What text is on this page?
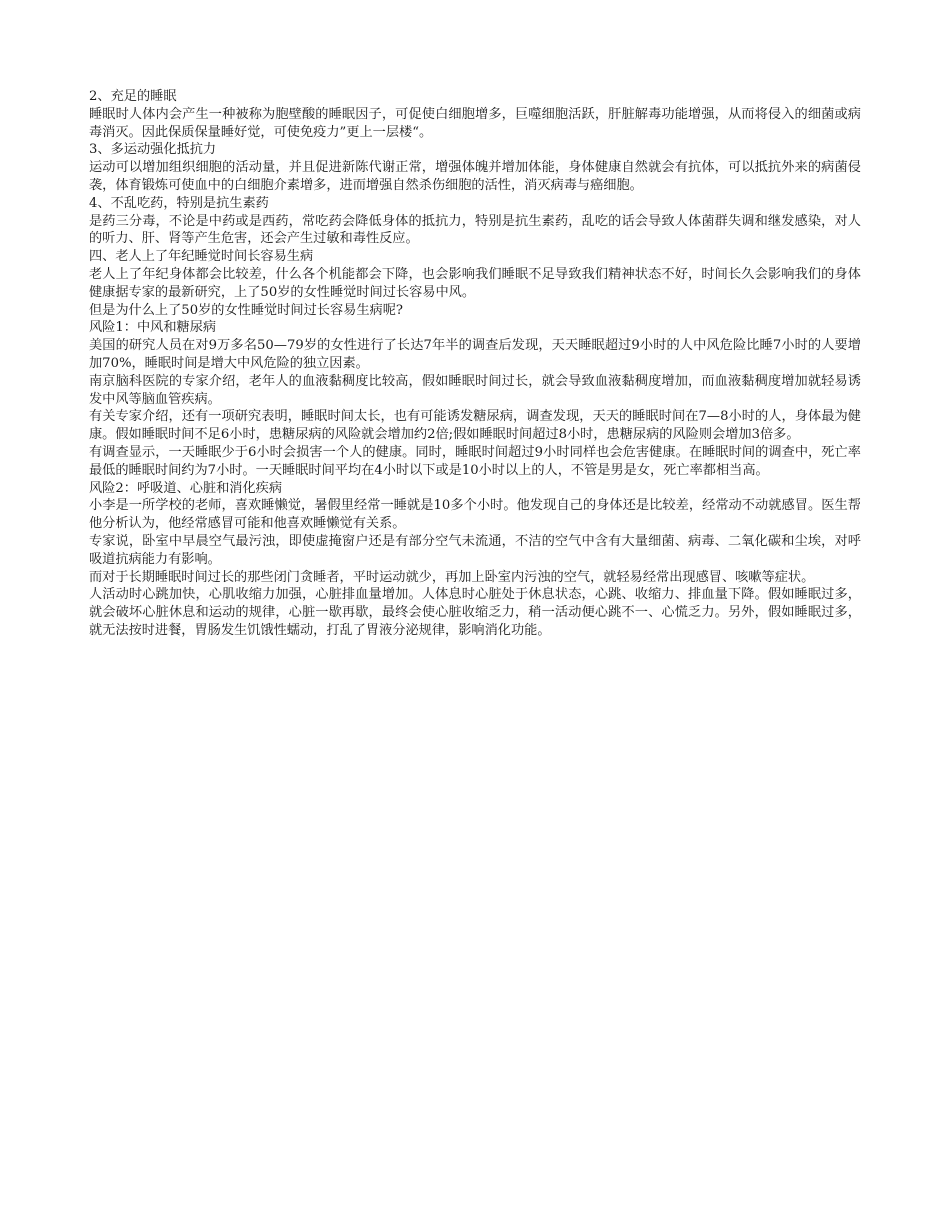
2、充足的睡眠

睡眠时人体内会产生一种被称为胞壁酸的睡眠因子，可促使白细胞增多，巨噬细胞活跃，肝脏解毒功能增强，从而将侵入的细菌或病毒消灭。因此保质保量睡好觉，可使免疫力”更上一层楼“。

3、多运动强化抵抗力

运动可以增加组织细胞的活动量，并且促进新陈代谢正常，增强体魄并增加体能，身体健康自然就会有抗体，可以抵抗外来的病菌侵袭，体育锻炼可使血中的白细胞介素增多，进而增强自然杀伤细胞的活性，消灭病毒与癌细胞。

4、不乱吃药，特别是抗生素药

是药三分毒，不论是中药或是西药，常吃药会降低身体的抵抗力，特别是抗生素药，乱吃的话会导致人体菌群失调和继发感染，对人的听力、肝、肾等产生危害，还会产生过敏和毒性反应。

四、老人上了年纪睡觉时间长容易生病

老人上了年纪身体都会比较差，什么各个机能都会下降，也会影响我们睡眠不足导致我们精神状态不好，时间长久会影响我们的身体健康据专家的最新研究，上了50岁的女性睡觉时间过长容易中风。

但是为什么上了50岁的女性睡觉时间过长容易生病呢?

风险1：中风和糖尿病

美国的研究人员在对9万多名50—79岁的女性进行了长达7年半的调查后发现，天天睡眠超过9小时的人中风危险比睡7小时的人要增加70%，睡眠时间是增大中风危险的独立因素。

南京脑科医院的专家介绍，老年人的血液黏稠度比较高，假如睡眠时间过长，就会导致血液黏稠度增加，而血液黏稠度增加就轻易诱发中风等脑血管疾病。

有关专家介绍，还有一项研究表明，睡眠时间太长，也有可能诱发糖尿病，调查发现，天天的睡眠时间在7—8小时的人，身体最为健康。假如睡眠时间不足6小时，患糖尿病的风险就会增加约2倍;假如睡眠时间超过8小时，患糖尿病的风险则会增加3倍多。

有调查显示，一天睡眠少于6小时会损害一个人的健康。同时，睡眠时间超过9小时同样也会危害健康。在睡眠时间的调查中，死亡率最低的睡眠时间约为7小时。一天睡眠时间平均在4小时以下或是10小时以上的人，不管是男是女，死亡率都相当高。

风险2：呼吸道、心脏和消化疾病

小李是一所学校的老师，喜欢睡懒觉，暑假里经常一睡就是10多个小时。他发现自己的身体还是比较差，经常动不动就感冒。医生帮他分析认为，他经常感冒可能和他喜欢睡懒觉有关系。

专家说，卧室中早晨空气最污浊，即使虚掩窗户还是有部分空气未流通，不洁的空气中含有大量细菌、病毒、二氧化碳和尘埃，对呼吸道抗病能力有影响。

而对于长期睡眠时间过长的那些闭门贪睡者，平时运动就少，再加上卧室内污浊的空气，就轻易经常出现感冒、咳嗽等症状。

人活动时心跳加快，心肌收缩力加强，心脏排血量增加。人体息时心脏处于休息状态，心跳、收缩力、排血量下降。假如睡眠过多，就会破坏心脏休息和运动的规律，心脏一歇再歇，最终会使心脏收缩乏力，稍一活动便心跳不一、心慌乏力。另外，假如睡眠过多，就无法按时进餐，胃肠发生饥饿性蠕动，打乱了胃液分泌规律，影响消化功能。
